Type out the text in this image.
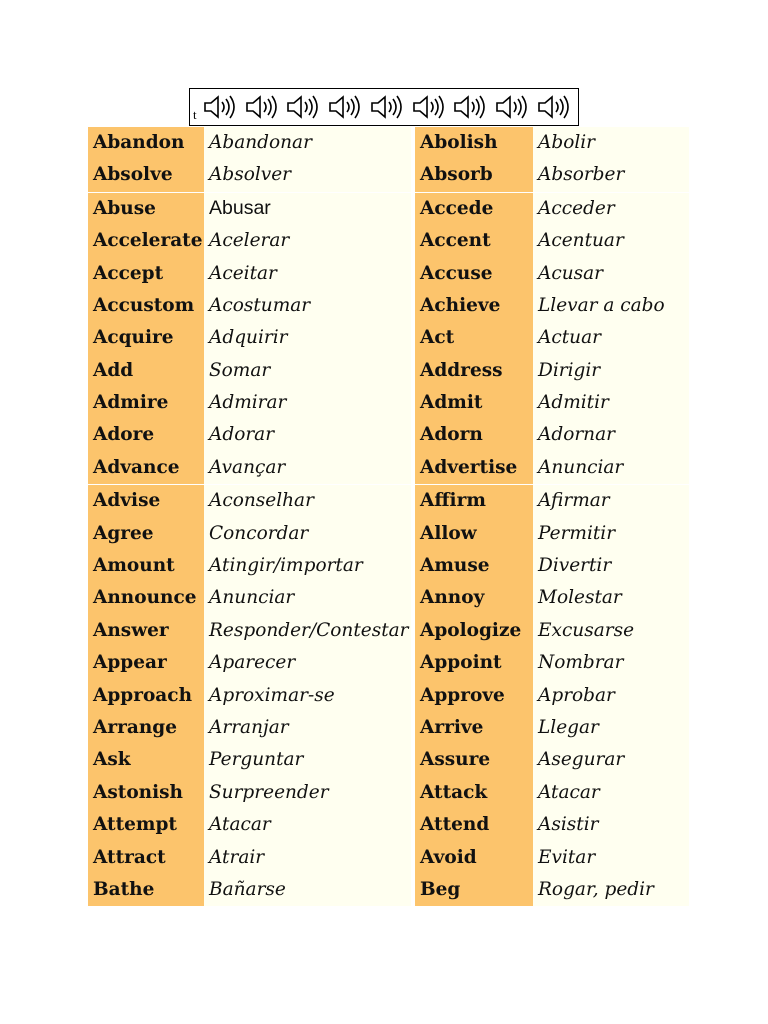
t
Abandon	Abandonar		Abolish	Abolir
Absolve	Absolver		Absorb	Absorber
Abuse	Abusar		Accede	Acceder
Accelerate	Acelerar		Accent	Acentuar
Accept	Aceitar		Accuse	Acusar
Accustom	Acostumar		Achieve	Llevar a cabo
Acquire	Adquirir		Act	Actuar
Add	Somar		Address	Dirigir
Admire	Admirar		Admit	Admitir
Adore	Adorar		Adorn	Adornar
Advance	Avançar		Advertise	Anunciar
Advise	Aconselhar		Affirm	Afirmar
Agree	Concordar		Allow	Permitir
Amount	Atingir/importar		Amuse	Divertir
Announce	Anunciar		Annoy	Molestar
Answer	Responder/Contestar		Apologize	Excusarse
Appear	Aparecer		Appoint	Nombrar
Approach	Aproximar-se		Approve	Aprobar
Arrange	Arranjar		Arrive	Llegar
Ask	Perguntar		Assure	Asegurar
Astonish	Surpreender		Attack	Atacar
Attempt	Atacar		Attend	Asistir
Attract	Atrair		Avoid	Evitar
Bathe	Bañarse		Beg	Rogar, pedir
